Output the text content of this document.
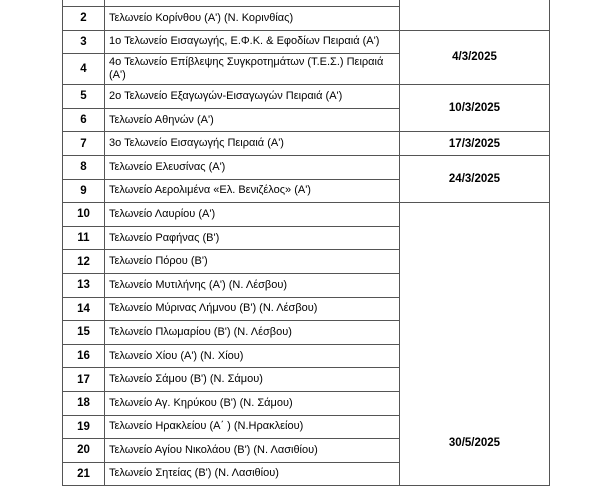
2	Τελωνείο Κορίνθου (Α') (Ν. Κορινθίας)	
3	1ο Τελωνείο Εισαγωγής, Ε.Φ.Κ. & Εφοδίων Πειραιά (Α')	4/3/2025
4	4ο Τελωνείο Επίβλεψης Συγκροτημάτων (Τ.Ε.Σ.) Πειραιά (Α')	
5	2ο Τελωνείο Εξαγωγών-Εισαγωγών Πειραιά (Α')	10/3/2025
6	Τελωνείο Αθηνών (Α')	
7	3ο Τελωνείο Εισαγωγής Πειραιά (Α')	17/3/2025
8	Τελωνείο Ελευσίνας (Α')	24/3/2025
9	Τελωνείο Αερολιμένα «Ελ. Βενιζέλος» (Α')	
10	Τελωνείο Λαυρίου (Α')	30/5/2025
11	Τελωνείο Ραφήνας (Β')	
12	Τελωνείο Πόρου (Β')	
13	Τελωνείο Μυτιλήνης (Α') (Ν. Λέσβου)	
14	Τελωνείο Μύρινας Λήμνου (Β') (Ν. Λέσβου)	
15	Τελωνείο Πλωμαρίου (Β') (Ν. Λέσβου)	
16	Τελωνείο Χίου (Α') (Ν. Χίου)	
17	Τελωνείο Σάμου (Β') (Ν. Σάμου)	
18	Τελωνείο Αγ. Κηρύκου (Β') (Ν. Σάμου)	
19	Τελωνείο Ηρακλείου (Α΄ ) (Ν.Ηρακλείου)	
20	Τελωνείο Αγίου Νικολάου (Β') (Ν. Λασιθίου)	
21	Τελωνείο Σητείας (Β') (Ν. Λασιθίου)	
